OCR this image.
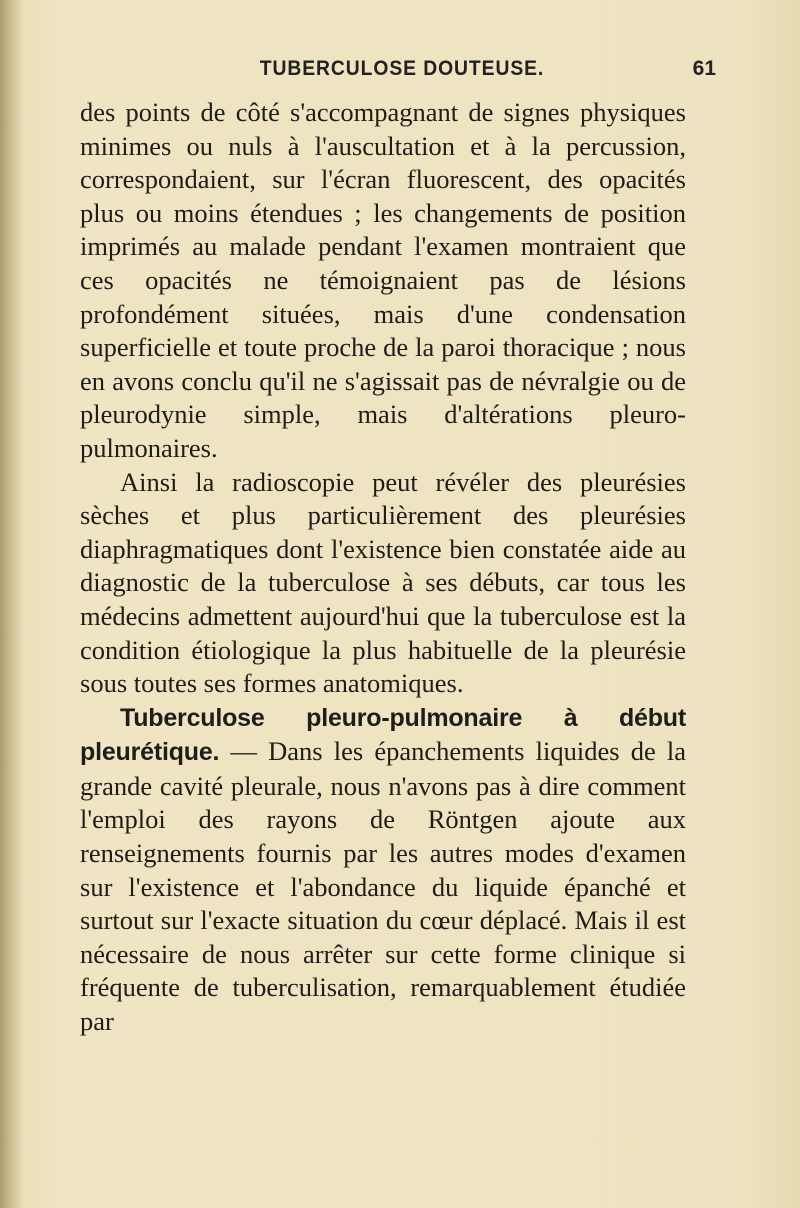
TUBERCULOSE DOUTEUSE.	61

des points de côté s'accompagnant de signes physiques minimes ou nuls à l'auscultation et à la percussion, correspondaient, sur l'écran fluorescent, des opacités plus ou moins étendues ; les changements de position imprimés au malade pendant l'examen montraient que ces opacités ne témoignaient pas de lésions profondément situées, mais d'une condensation superficielle et toute proche de la paroi thoracique ; nous en avons conclu qu'il ne s'agissait pas de névralgie ou de pleurodynie simple, mais d'altérations pleuro-pulmonaires.

Ainsi la radioscopie peut révéler des pleurésies sèches et plus particulièrement des pleurésies diaphragmatiques dont l'existence bien constatée aide au diagnostic de la tuberculose à ses débuts, car tous les médecins admettent aujourd'hui que la tuberculose est la condition étiologique la plus habituelle de la pleurésie sous toutes ses formes anatomiques.

Tuberculose pleuro-pulmonaire à début pleurétique. — Dans les épanchements liquides de la grande cavité pleurale, nous n'avons pas à dire comment l'emploi des rayons de Röntgen ajoute aux renseignements fournis par les autres modes d'examen sur l'existence et l'abondance du liquide épanché et surtout sur l'exacte situation du cœur déplacé. Mais il est nécessaire de nous arrêter sur cette forme clinique si fréquente de tuberculisation, remarquablement étudiée par
